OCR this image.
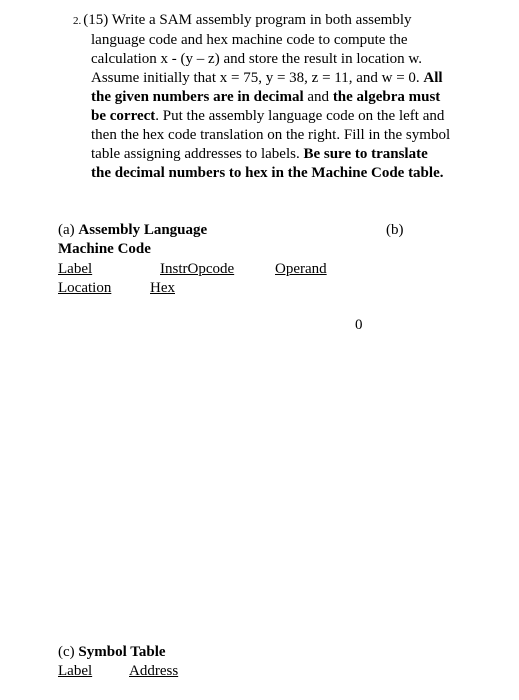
2. (15) Write a SAM assembly program in both assembly language code and hex machine code to compute the calculation x - (y – z) and store the result in location w. Assume initially that x = 75, y = 38, z = 11, and w = 0. All the given numbers are in decimal and the algebra must be correct. Put the assembly language code on the left and then the hex code translation on the right. Fill in the symbol table assigning addresses to labels. Be sure to translate the decimal numbers to hex in the Machine Code table.
(a) Assembly Language
Machine Code
(b)
Label	InstrOpcode	Operand
Location	Hex
0
(c) Symbol Table
Label Address
